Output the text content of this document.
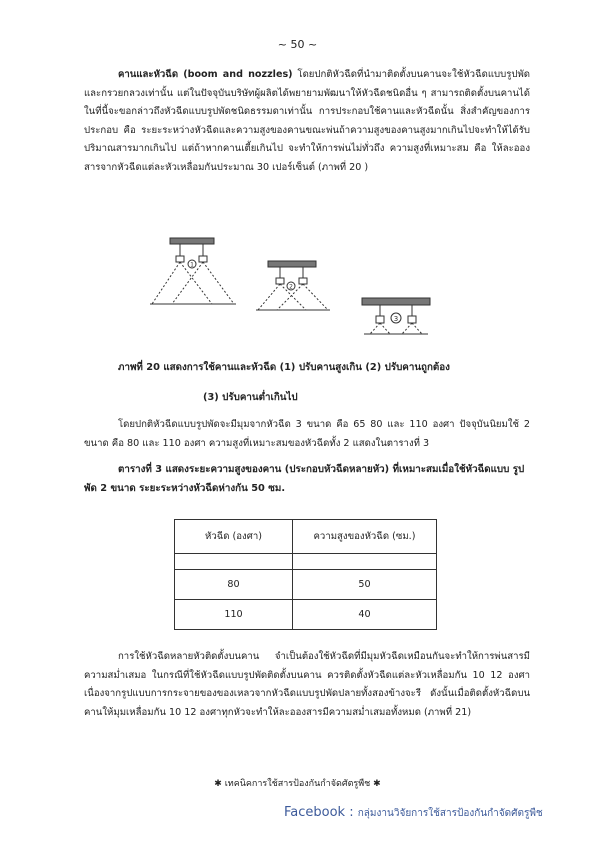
~ 50 ~

คานและหัวฉีด (boom and nozzles) โดยปกติหัวฉีดที่นำมาติดตั้งบนคานจะใช้หัวฉีดแบบรูปพัดและกรวยกลวงเท่านั้น แต่ในปัจจุบันบริษัทผู้ผลิตได้พยายามพัฒนาให้หัวฉีดชนิดอื่น ๆ สามารถติดตั้งบนคานได้ ในที่นี้จะขอกล่าวถึงหัวฉีดแบบรูปพัดชนิดธรรมดาเท่านั้น การประกอบใช้คานและหัวฉีดนั้น สิ่งสำคัญของการประกอบ คือ ระยะระหว่างหัวฉีดและความสูงของคานขณะพ่นถ้าความสูงของคานสูงมากเกินไปจะทำให้ได้รับปริมาณสารมากเกินไป แต่ถ้าหากคานเตี้ยเกินไป จะทำให้การพ่นไม่ทั่วถึง ความสูงที่เหมาะสม คือ ให้ละอองสารจากหัวฉีดแต่ละหัวเหลื่อมกันประมาณ 30 เปอร์เซ็นต์ (ภาพที่ 20 )

1
2
3
ภาพที่ 20 แสดงการใช้คานและหัวฉีด (1) ปรับคานสูงเกิน (2) ปรับคานถูกต้อง
(3) ปรับคานต่ำเกินไป

โดยปกติหัวฉีดแบบรูปพัดจะมีมุมจากหัวฉีด 3 ขนาด คือ 65 80 และ 110 องศา ปัจจุบันนิยมใช้ 2 ขนาด คือ 80 และ 110 องศา ความสูงที่เหมาะสมของหัวฉีดทั้ง 2 แสดงในตารางที่ 3

ตารางที่ 3 แสดงระยะความสูงของคาน (ประกอบหัวฉีดหลายหัว) ที่เหมาะสมเมื่อใช้หัวฉีดแบบ รูปพัด 2 ขนาด ระยะระหว่างหัวฉีดห่างกัน 50 ซม.
หัวฉีด (องศา)	ความสูงของหัวฉีด (ซม.)

80	50
110	40

การใช้หัวฉีดหลายหัวติดตั้งบนคาน จำเป็นต้องใช้หัวฉีดที่มีมุมหัวฉีดเหมือนกันจะทำให้การพ่นสารมีความสม่ำเสมอ ในกรณีที่ใช้หัวฉีดแบบรูปพัดติดตั้งบนคาน ควรติดตั้งหัวฉีดแต่ละหัวเหลื่อมกัน 10 12 องศา เนื่องจากรูปแบบการกระจายของของเหลวจากหัวฉีดแบบรูปพัดปลายทั้งสองข้างจะรี ดังนั้นเมื่อติดตั้งหัวฉีดบนคานให้มุมเหลื่อมกัน 10 12 องศาทุกหัวจะทำให้ละอองสารมีความสม่ำเสมอทั้งหมด (ภาพที่ 21)

✱ เทคนิคการใช้สารป้องกันกำจัดศัตรูพืช ✱
Facebook : กลุ่มงานวิจัยการใช้สารป้องกันกำจัดศัตรูพืช
